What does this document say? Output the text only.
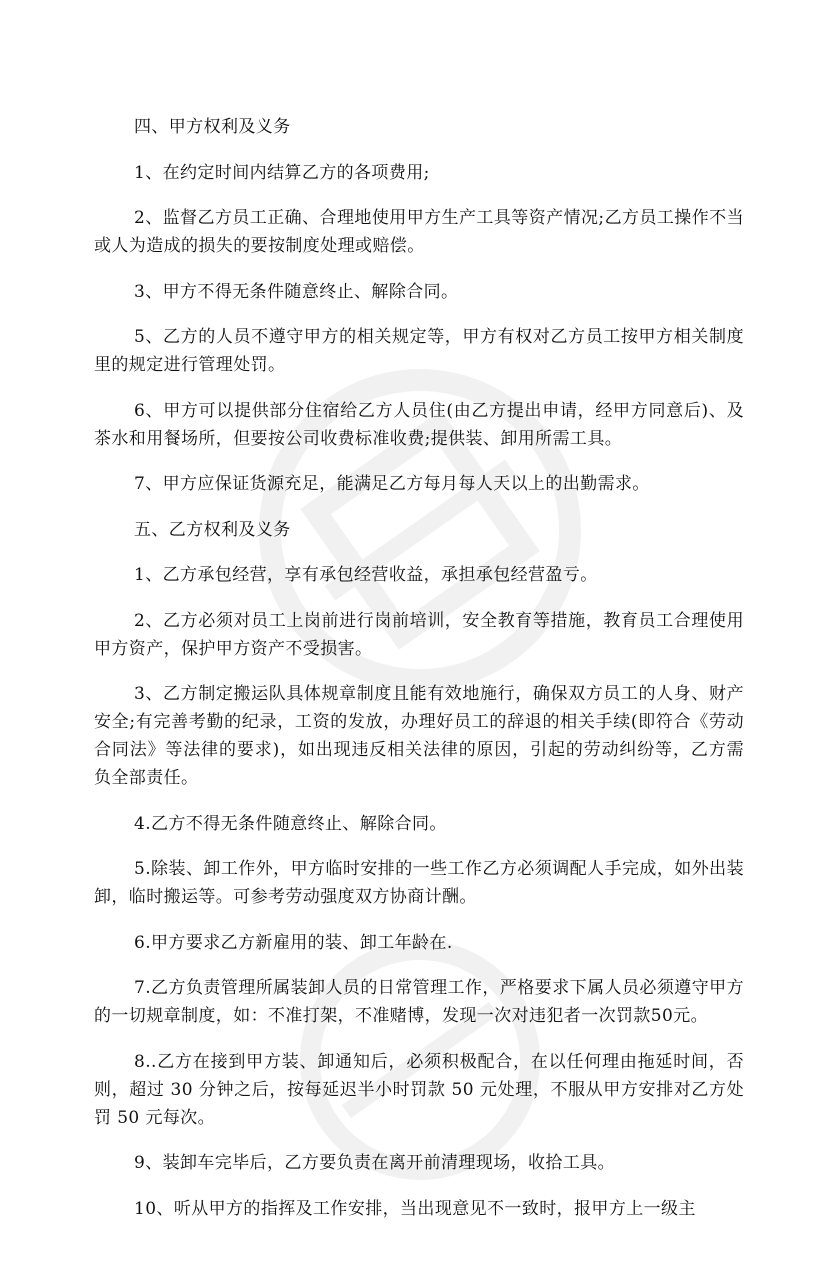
四、甲方权利及义务

1、在约定时间内结算乙方的各项费用;

2、监督乙方员工正确、合理地使用甲方生产工具等资产情况;乙方员工操作不当或人为造成的损失的要按制度处理或赔偿。

3、甲方不得无条件随意终止、解除合同。

5、乙方的人员不遵守甲方的相关规定等，甲方有权对乙方员工按甲方相关制度里的规定进行管理处罚。

6、甲方可以提供部分住宿给乙方人员住(由乙方提出申请，经甲方同意后)、及茶水和用餐场所，但要按公司收费标准收费;提供装、卸用所需工具。

7、甲方应保证货源充足，能满足乙方每月每人天以上的出勤需求。

五、乙方权利及义务

1、乙方承包经营，享有承包经营收益，承担承包经营盈亏。

2、乙方必须对员工上岗前进行岗前培训，安全教育等措施，教育员工合理使用甲方资产，保护甲方资产不受损害。

3、乙方制定搬运队具体规章制度且能有效地施行，确保双方员工的人身、财产安全;有完善考勤的纪录，工资的发放，办理好员工的辞退的相关手续(即符合《劳动合同法》等法律的要求)，如出现违反相关法律的原因，引起的劳动纠纷等，乙方需负全部责任。

4.乙方不得无条件随意终止、解除合同。

5.除装、卸工作外，甲方临时安排的一些工作乙方必须调配人手完成，如外出装卸，临时搬运等。可参考劳动强度双方协商计酬。

6.甲方要求乙方新雇用的装、卸工年龄在.

7.乙方负责管理所属装卸人员的日常管理工作，严格要求下属人员必须遵守甲方的一切规章制度，如：不准打架，不准赌博，发现一次对违犯者一次罚款50元。

8..乙方在接到甲方装、卸通知后，必须积极配合，在以任何理由拖延时间，否则，超过 30 分钟之后，按每延迟半小时罚款 50 元处理，不服从甲方安排对乙方处罚 50 元每次。

9、装卸车完毕后，乙方要负责在离开前清理现场，收拾工具。

10、听从甲方的指挥及工作安排，当出现意见不一致时，报甲方上一级主
